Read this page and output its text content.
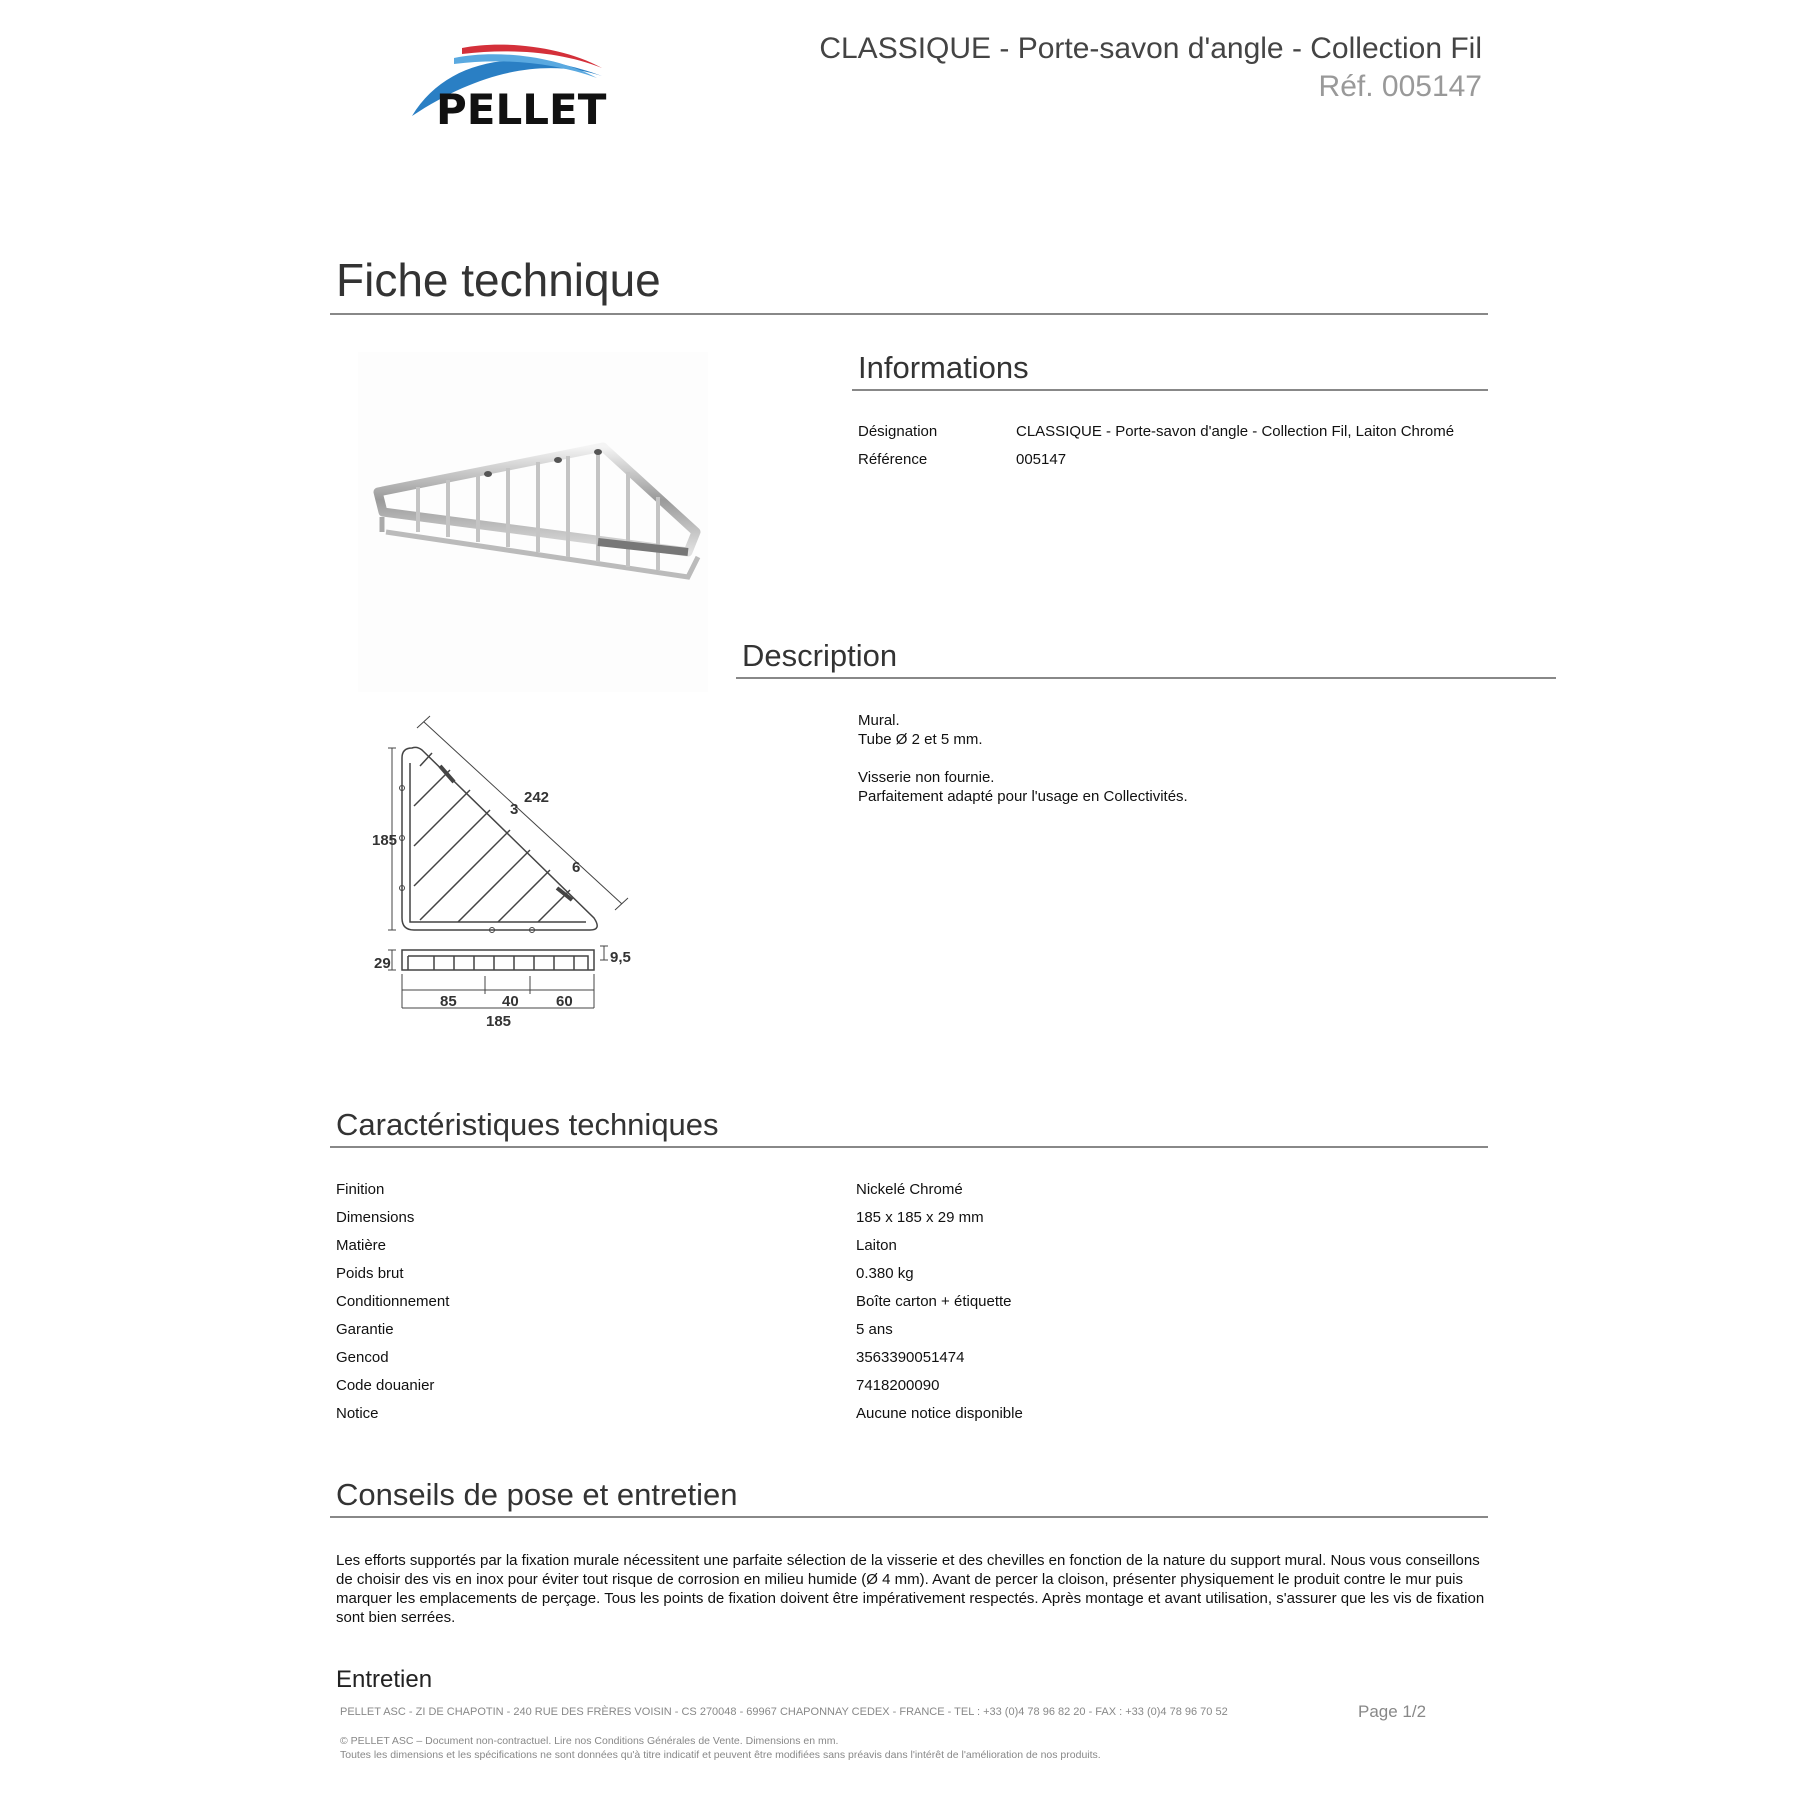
PELLET
CLASSIQUE - Porte-savon d'angle - Collection Fil
Réf. 005147
Fiche technique
185
242
3
6
29	9,5
85	40 60
185
Informations
Désignation	CLASSIQUE - Porte-savon d'angle - Collection Fil, Laiton Chromé
Référence	005147
Description

Mural.

Tube Ø 2 et 5 mm.

Visserie non fournie.

Parfaitement adapté pour l'usage en Collectivités.

Caractéristiques techniques
Finition	Nickelé Chromé
Dimensions	185 x 185 x 29 mm
Matière	Laiton
Poids brut	0.380 kg
Conditionnement	Boîte carton + étiquette
Garantie	5 ans
Gencod	3563390051474
Code douanier	7418200090
Notice	Aucune notice disponible
Conseils de pose et entretien
Les efforts supportés par la fixation murale nécessitent une parfaite sélection de la visserie et des chevilles en fonction de la nature du support mural. Nous vous conseillons de choisir des vis en inox pour éviter tout risque de corrosion en milieu humide (Ø 4 mm). Avant de percer la cloison, présenter physiquement le produit contre le mur puis marquer les emplacements de perçage. Tous les points de fixation doivent être impérativement respectés. Après montage et avant utilisation, s'assurer que les vis de fixation sont bien serrées.
Entretien
PELLET ASC - ZI DE CHAPOTIN - 240 RUE DES FRÈRES VOISIN - CS 270048 - 69967 CHAPONNAY CEDEX - FRANCE - TEL : +33 (0)4 78 96 82 20 - FAX : +33 (0)4 78 96 70 52	Page 1/2
© PELLET ASC – Document non-contractuel. Lire nos Conditions Générales de Vente. Dimensions en mm.
Toutes les dimensions et les spécifications ne sont données qu'à titre indicatif et peuvent être modifiées sans préavis dans l'intérêt de l'amélioration de nos produits.
